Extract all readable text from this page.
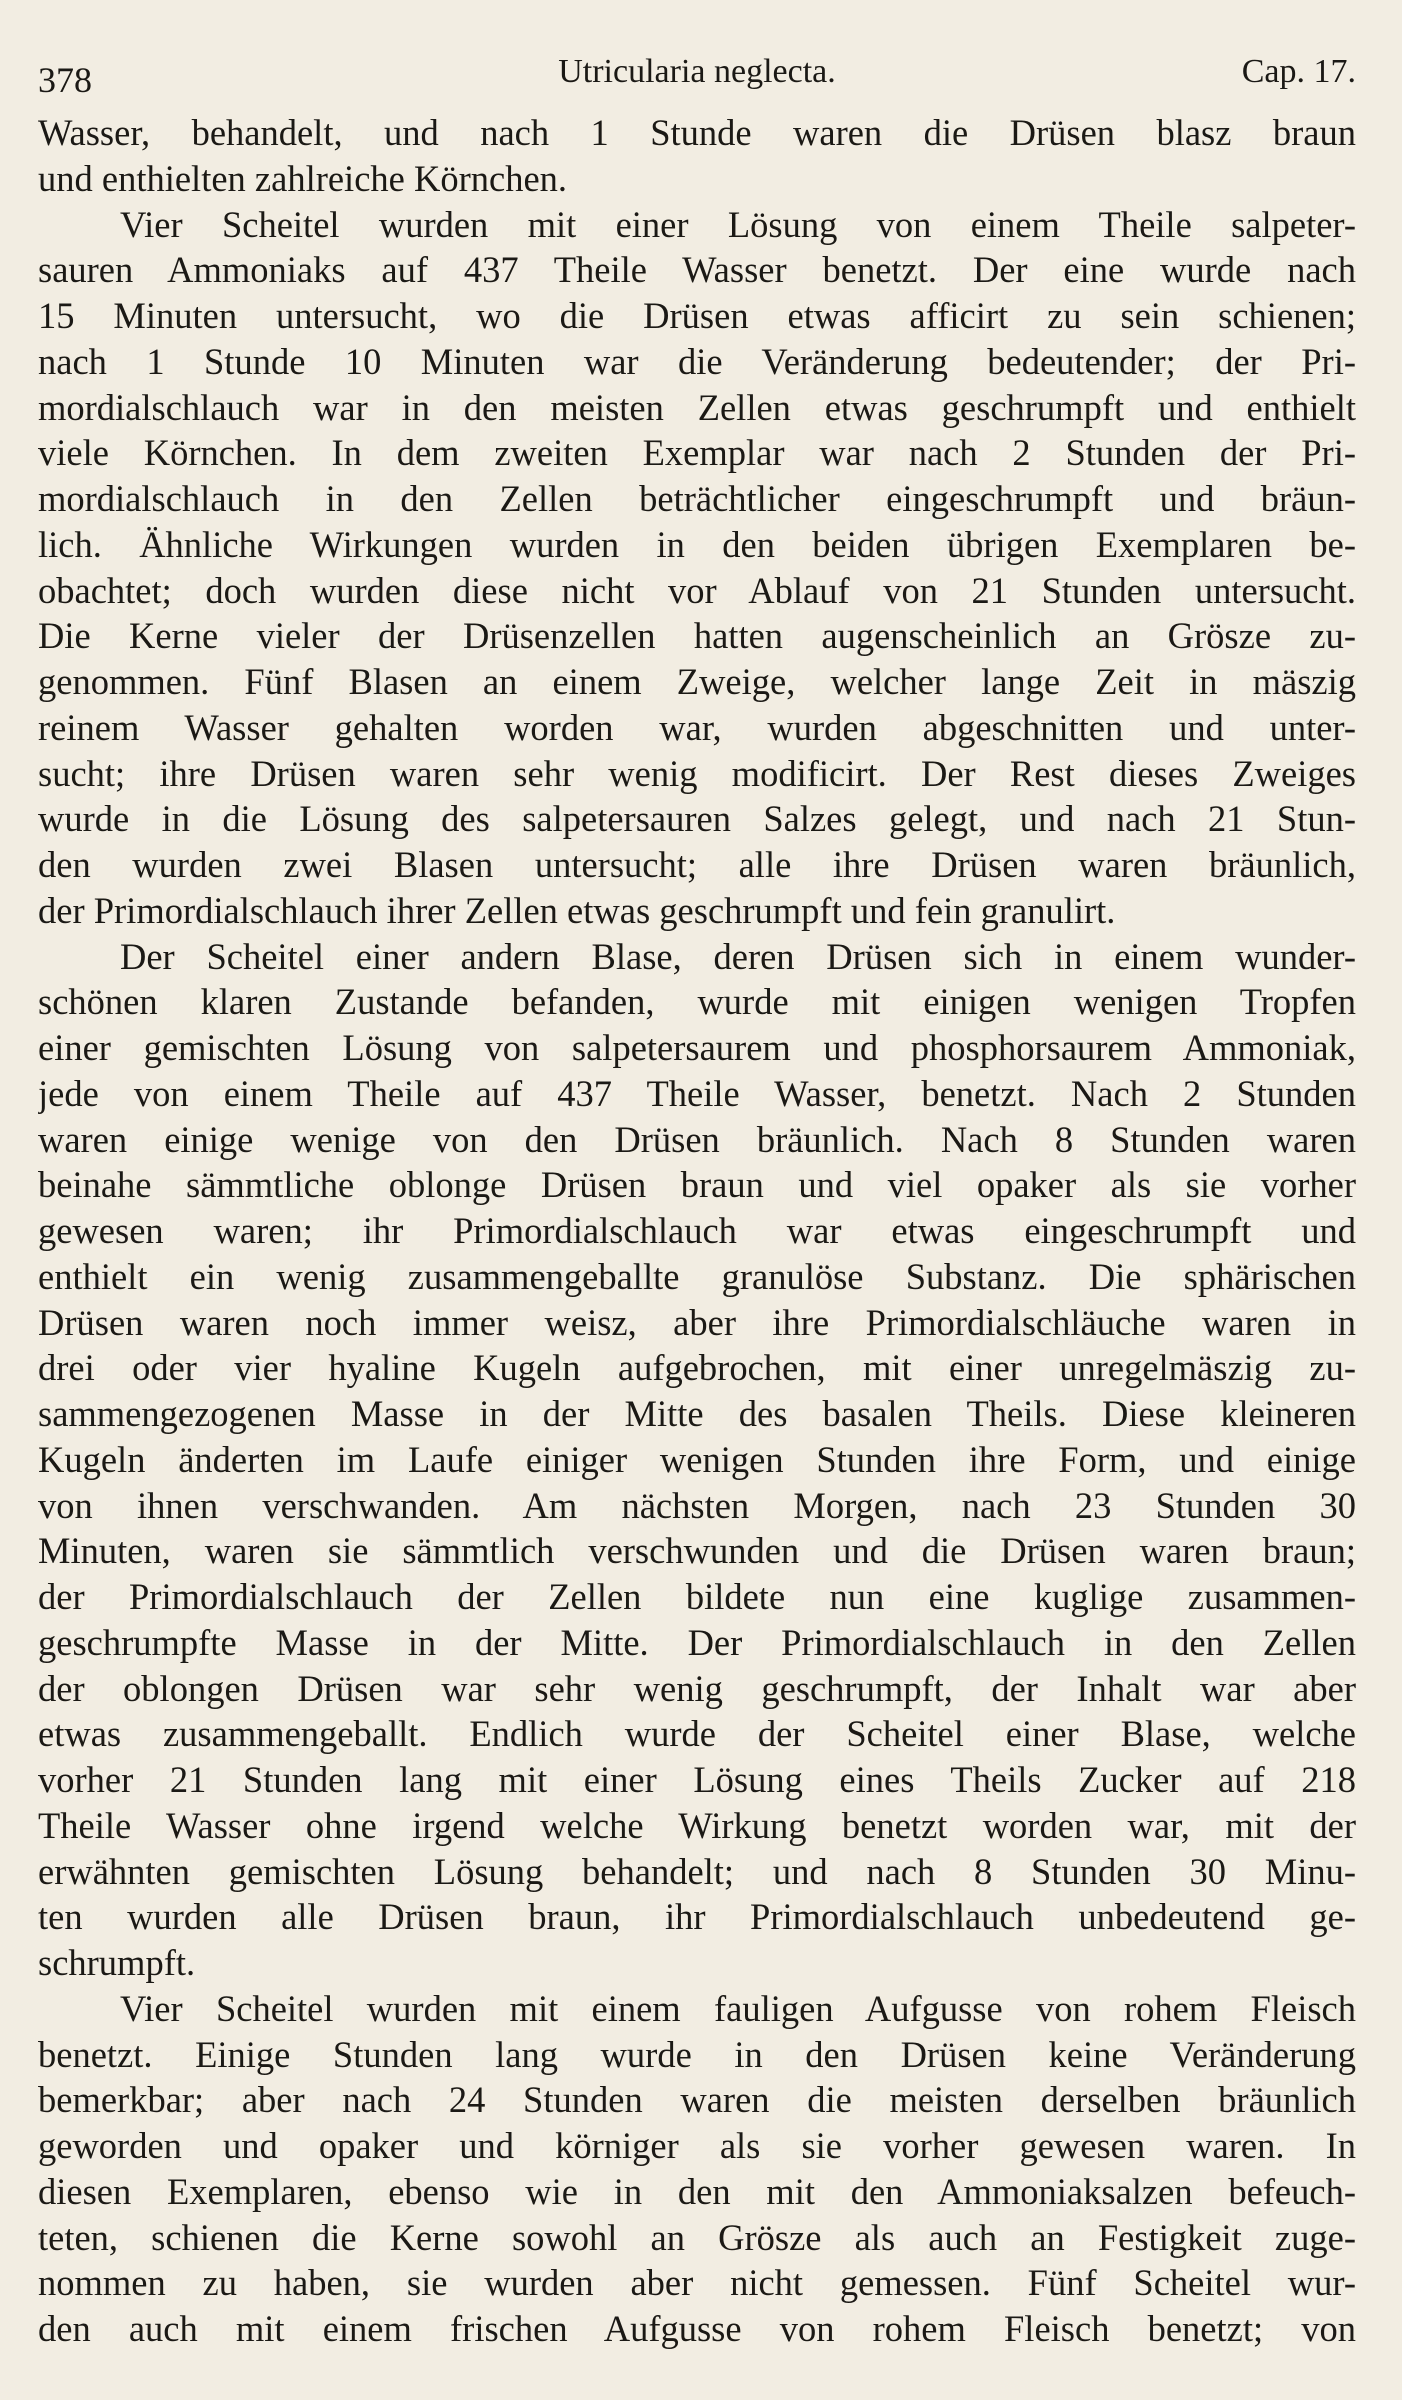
378	Utricularia neglecta.	Cap. 17.
Wasser, behandelt, und nach 1 Stunde waren die Drüsen blasz braun
und enthielten zahlreiche Körnchen.
Vier Scheitel wurden mit einer Lösung von einem Theile salpeter-
sauren Ammoniaks auf 437 Theile Wasser benetzt. Der eine wurde nach
15 Minuten untersucht, wo die Drüsen etwas afficirt zu sein schienen;
nach 1 Stunde 10 Minuten war die Veränderung bedeutender; der Pri-
mordialschlauch war in den meisten Zellen etwas geschrumpft und enthielt
viele Körnchen. In dem zweiten Exemplar war nach 2 Stunden der Pri-
mordialschlauch in den Zellen beträchtlicher eingeschrumpft und bräun-
lich. Ähnliche Wirkungen wurden in den beiden übrigen Exemplaren be-
obachtet; doch wurden diese nicht vor Ablauf von 21 Stunden untersucht.
Die Kerne vieler der Drüsenzellen hatten augenscheinlich an Grösze zu-
genommen. Fünf Blasen an einem Zweige, welcher lange Zeit in mäszig
reinem Wasser gehalten worden war, wurden abgeschnitten und unter-
sucht; ihre Drüsen waren sehr wenig modificirt. Der Rest dieses Zweiges
wurde in die Lösung des salpetersauren Salzes gelegt, und nach 21 Stun-
den wurden zwei Blasen untersucht; alle ihre Drüsen waren bräunlich,
der Primordialschlauch ihrer Zellen etwas geschrumpft und fein granulirt.
Der Scheitel einer andern Blase, deren Drüsen sich in einem wunder-
schönen klaren Zustande befanden, wurde mit einigen wenigen Tropfen
einer gemischten Lösung von salpetersaurem und phosphorsaurem Ammoniak,
jede von einem Theile auf 437 Theile Wasser, benetzt. Nach 2 Stunden
waren einige wenige von den Drüsen bräunlich. Nach 8 Stunden waren
beinahe sämmtliche oblonge Drüsen braun und viel opaker als sie vorher
gewesen waren; ihr Primordialschlauch war etwas eingeschrumpft und
enthielt ein wenig zusammengeballte granulöse Substanz. Die sphärischen
Drüsen waren noch immer weisz, aber ihre Primordialschläuche waren in
drei oder vier hyaline Kugeln aufgebrochen, mit einer unregelmäszig zu-
sammengezogenen Masse in der Mitte des basalen Theils. Diese kleineren
Kugeln änderten im Laufe einiger wenigen Stunden ihre Form, und einige
von ihnen verschwanden. Am nächsten Morgen, nach 23 Stunden 30
Minuten, waren sie sämmtlich verschwunden und die Drüsen waren braun;
der Primordialschlauch der Zellen bildete nun eine kuglige zusammen-
geschrumpfte Masse in der Mitte. Der Primordialschlauch in den Zellen
der oblongen Drüsen war sehr wenig geschrumpft, der Inhalt war aber
etwas zusammengeballt. Endlich wurde der Scheitel einer Blase, welche
vorher 21 Stunden lang mit einer Lösung eines Theils Zucker auf 218
Theile Wasser ohne irgend welche Wirkung benetzt worden war, mit der
erwähnten gemischten Lösung behandelt; und nach 8 Stunden 30 Minu-
ten wurden alle Drüsen braun, ihr Primordialschlauch unbedeutend ge-
schrumpft.
Vier Scheitel wurden mit einem fauligen Aufgusse von rohem Fleisch
benetzt. Einige Stunden lang wurde in den Drüsen keine Veränderung
bemerkbar; aber nach 24 Stunden waren die meisten derselben bräunlich
geworden und opaker und körniger als sie vorher gewesen waren. In
diesen Exemplaren, ebenso wie in den mit den Ammoniaksalzen befeuch-
teten, schienen die Kerne sowohl an Grösze als auch an Festigkeit zuge-
nommen zu haben, sie wurden aber nicht gemessen. Fünf Scheitel wur-
den auch mit einem frischen Aufgusse von rohem Fleisch benetzt; von
